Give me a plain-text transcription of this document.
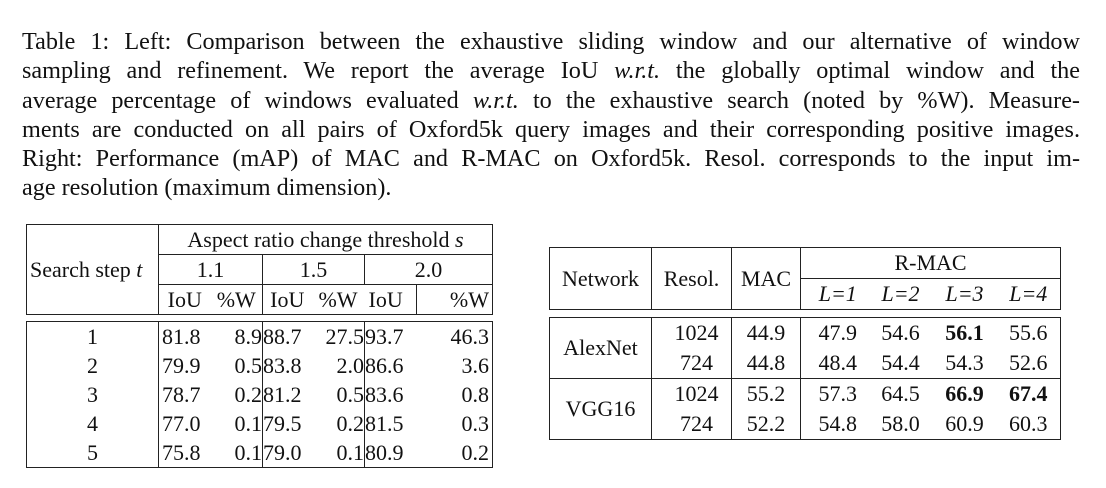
Table 1: Left: Comparison between the exhaustive sliding window and our alternative of window
sampling and refinement. We report the average IoU w.r.t. the globally optimal window and the
average percentage of windows evaluated w.r.t. to the exhaustive search (noted by %W). Measure-
ments are conducted on all pairs of Oxford5k query images and their corresponding positive images.
Right: Performance (mAP) of MAC and R-MAC on Oxford5k. Resol. corresponds to the input im-
age resolution (maximum dimension).
	Aspect ratio change threshold s					
Search step t	1.1		1.5		2.0	
	IoU	%W	IoU	%W	IoU	%W

1	81.8	8.9	88.7	27.5	93.7	46.3
2	79.9	0.5	83.8	2.0	86.6	3.6
3	78.7	0.2	81.2	0.5	83.6	0.8
4	77.0	0.1	79.5	0.2	81.5	0.3
5	75.8	0.1	79.0	0.1	80.9	0.2
Network	Resol.	MAC	R-MAC			
			L=1	L=2	L=3	L=4

AlexNet	1024	44.9	47.9	54.6	56.1	55.6
	724	44.8	48.4	54.4	54.3	52.6
VGG16	1024	55.2	57.3	64.5	66.9	67.4
	724	52.2	54.8	58.0	60.9	60.3
